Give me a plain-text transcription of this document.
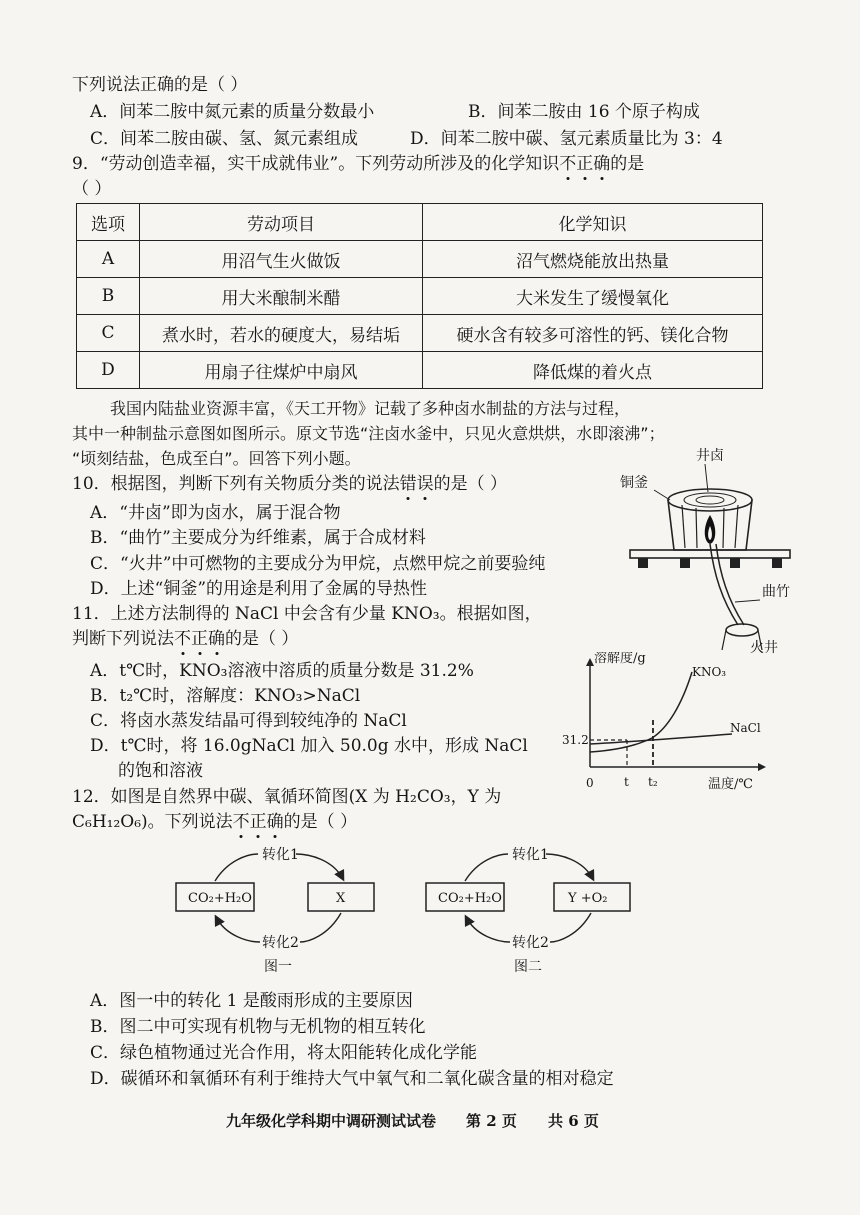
下列说法正确的是（ ）
A．间苯二胺中氮元素的质量分数最小	B．间苯二胺由 16 个原子构成
C．间苯二胺由碳、氢、氮元素组成	D．间苯二胺中碳、氢元素质量比为 3：4
9．“劳动创造幸福，实干成就伟业”。下列劳动所涉及的化学知识不正确的是
（ ）
选项	劳动项目	化学知识
A	用沼气生火做饭	沼气燃烧能放出热量
B	用大米酿制米醋	大米发生了缓慢氧化
C	煮水时，若水的硬度大，易结垢	硬水含有较多可溶性的钙、镁化合物
D	用扇子往煤炉中扇风	降低煤的着火点
我国内陆盐业资源丰富，《天工开物》记载了多种卤水制盐的方法与过程，
其中一种制盐示意图如图所示。原文节选“注卤水釜中，只见火意烘烘，水即滚沸”；
“顷刻结盐，色成至白”。回答下列小题。
10．根据图，判断下列有关物质分类的说法错误的是（ ）
A．“井卤”即为卤水，属于混合物
B．“曲竹”主要成分为纤维素，属于合成材料
C．“火井”中可燃物的主要成分为甲烷，点燃甲烷之前要验纯
D．上述“铜釜”的用途是利用了金属的导热性
铜釜
井卤
曲竹
火井
11．上述方法制得的 NaCl 中会含有少量 KNO₃。根据如图，
判断下列说法不正确的是（ ）
A．t℃时，KNO₃溶液中溶质的质量分数是 31.2%
B．t₂℃时，溶解度：KNO₃>NaCl
C．将卤水蒸发结晶可得到较纯净的 NaCl
D．t℃时，将 16.0gNaCl 加入 50.0g 水中，形成 NaCl
的饱和溶液
溶解度/g
温度/℃
0
31.2
t t₂
KNO₃
NaCl
12．如图是自然界中碳、氧循环简图(X 为 H₂CO₃，Y 为
C₆H₁₂O₆)。下列说法不正确的是（ ）
CO₂+H₂O	X
转化1
转化2
图一
CO₂+H₂O	Y +O₂
转化1
转化2
图二
A．图一中的转化 1 是酸雨形成的主要原因
B．图二中可实现有机物与无机物的相互转化
C．绿色植物通过光合作用，将太阳能转化成化学能
D．碳循环和氧循环有利于维持大气中氧气和二氧化碳含量的相对稳定
九年级化学科期中调研测试试卷 第 2 页 共 6 页
